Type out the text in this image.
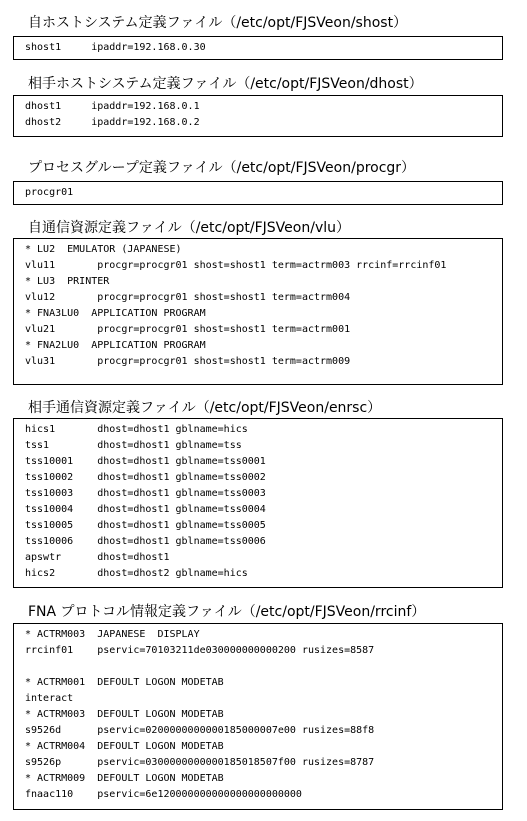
自ホストシステム定義ファイル（/etc/opt/FJSVeon/shost）
shost1     ipaddr=192.168.0.30
相手ホストシステム定義ファイル（/etc/opt/FJSVeon/dhost）
dhost1     ipaddr=192.168.0.1
dhost2     ipaddr=192.168.0.2
プロセスグループ定義ファイル（/etc/opt/FJSVeon/procgr）
procgr01
自通信資源定義ファイル（/etc/opt/FJSVeon/vlu）
* LU2  EMULATOR (JAPANESE)
vlu11       procgr=procgr01 shost=shost1 term=actrm003 rrcinf=rrcinf01
* LU3  PRINTER
vlu12       procgr=procgr01 shost=shost1 term=actrm004
* FNA3LU0  APPLICATION PROGRAM
vlu21       procgr=procgr01 shost=shost1 term=actrm001
* FNA2LU0  APPLICATION PROGRAM
vlu31       procgr=procgr01 shost=shost1 term=actrm009
相手通信資源定義ファイル（/etc/opt/FJSVeon/enrsc）
hics1       dhost=dhost1 gblname=hics
tss1        dhost=dhost1 gblname=tss
tss10001    dhost=dhost1 gblname=tss0001
tss10002    dhost=dhost1 gblname=tss0002
tss10003    dhost=dhost1 gblname=tss0003
tss10004    dhost=dhost1 gblname=tss0004
tss10005    dhost=dhost1 gblname=tss0005
tss10006    dhost=dhost1 gblname=tss0006
apswtr      dhost=dhost1
hics2       dhost=dhost2 gblname=hics
FNA プロトコル情報定義ファイル（/etc/opt/FJSVeon/rrcinf）
* ACTRM003  JAPANESE  DISPLAY
rrcinf01    pservic=70103211de030000000000200 rusizes=8587
* ACTRM001  DEFOULT LOGON MODETAB
interact
* ACTRM003  DEFOULT LOGON MODETAB
s9526d      pservic=0200000000000185000007e00 rusizes=88f8
* ACTRM004  DEFOULT LOGON MODETAB
s9526p      pservic=0300000000000185018507f00 rusizes=8787
* ACTRM009  DEFOULT LOGON MODETAB
fnaac110    pservic=6e120000000000000000000000
